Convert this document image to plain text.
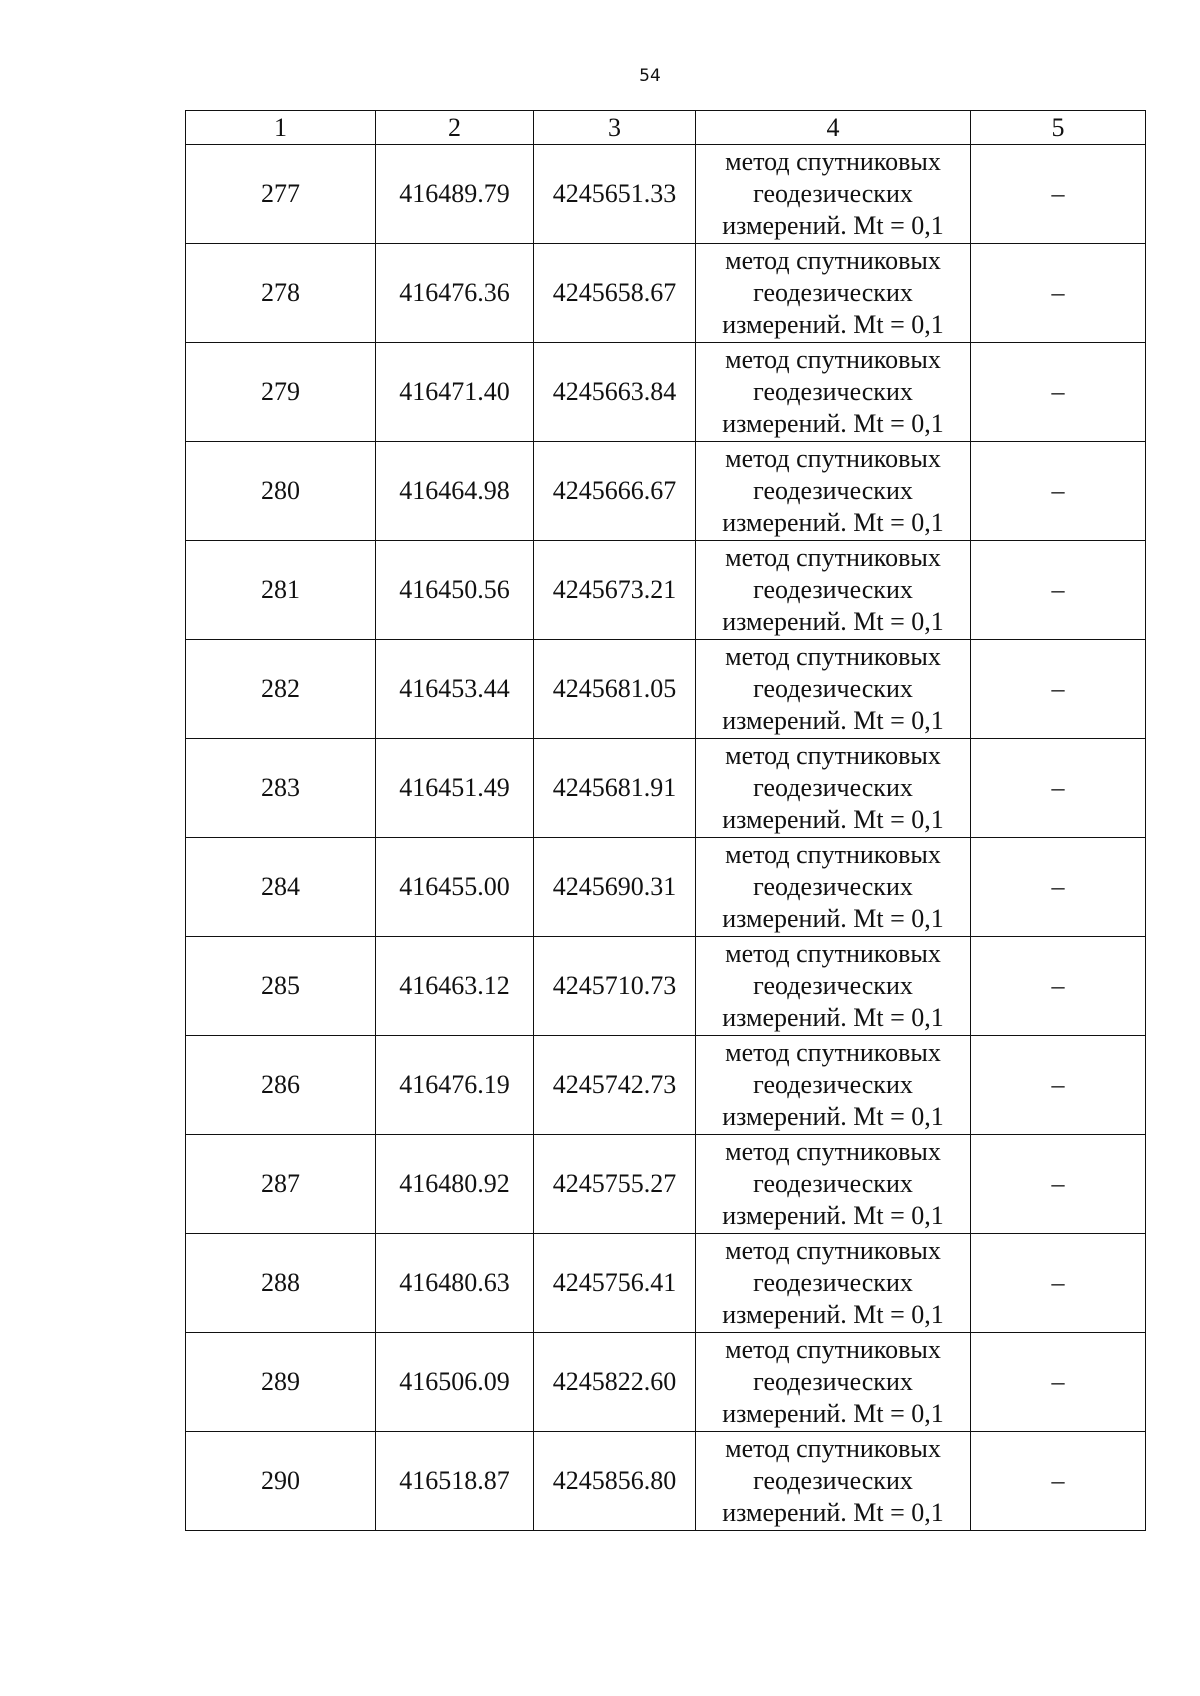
54
1	2	3	4	5
277	416489.79	4245651.33	метод спутниковых
геодезических
измерений. Mt = 0,1	–
278	416476.36	4245658.67	метод спутниковых
геодезических
измерений. Mt = 0,1	–
279	416471.40	4245663.84	метод спутниковых
геодезических
измерений. Mt = 0,1	–
280	416464.98	4245666.67	метод спутниковых
геодезических
измерений. Mt = 0,1	–
281	416450.56	4245673.21	метод спутниковых
геодезических
измерений. Mt = 0,1	–
282	416453.44	4245681.05	метод спутниковых
геодезических
измерений. Mt = 0,1	–
283	416451.49	4245681.91	метод спутниковых
геодезических
измерений. Mt = 0,1	–
284	416455.00	4245690.31	метод спутниковых
геодезических
измерений. Mt = 0,1	–
285	416463.12	4245710.73	метод спутниковых
геодезических
измерений. Mt = 0,1	–
286	416476.19	4245742.73	метод спутниковых
геодезических
измерений. Mt = 0,1	–
287	416480.92	4245755.27	метод спутниковых
геодезических
измерений. Mt = 0,1	–
288	416480.63	4245756.41	метод спутниковых
геодезических
измерений. Mt = 0,1	–
289	416506.09	4245822.60	метод спутниковых
геодезических
измерений. Mt = 0,1	–
290	416518.87	4245856.80	метод спутниковых
геодезических
измерений. Mt = 0,1	–
